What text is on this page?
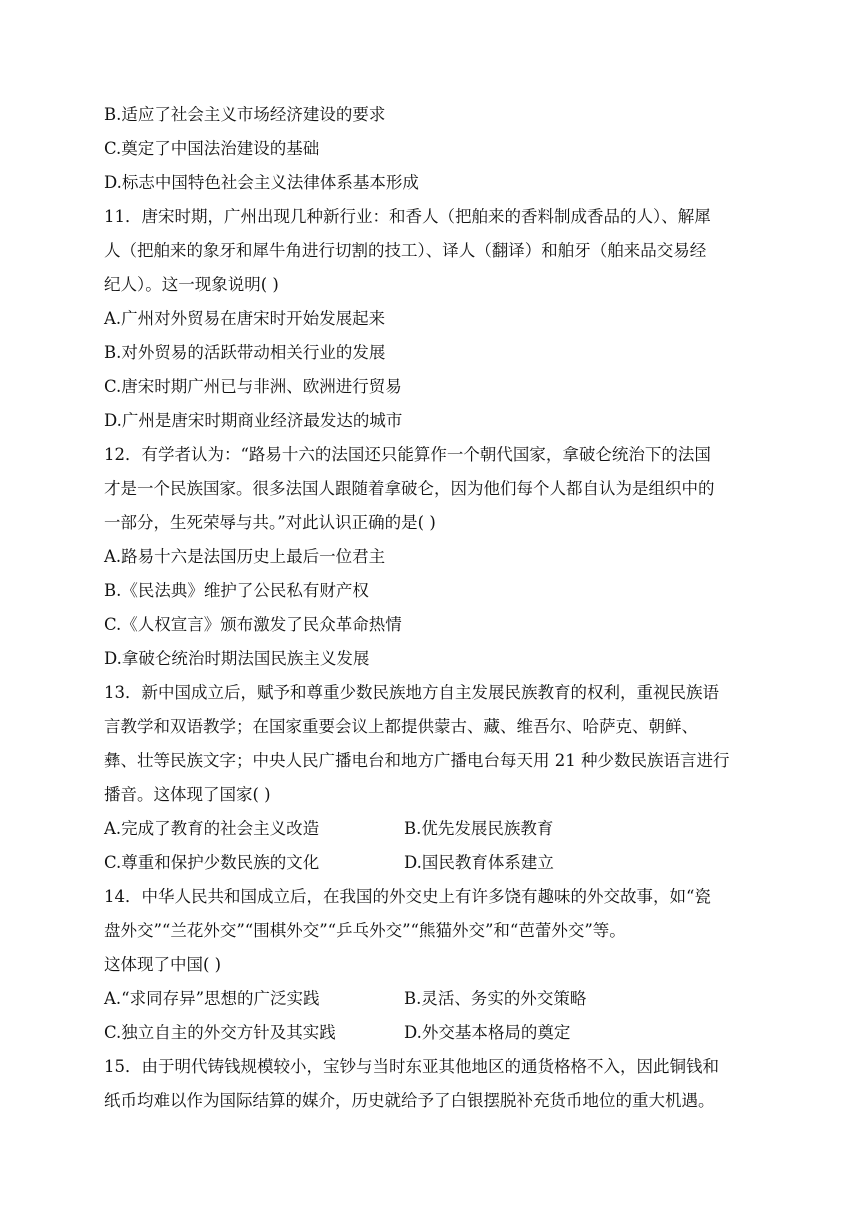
B.适应了社会主义市场经济建设的要求
C.奠定了中国法治建设的基础
D.标志中国特色社会主义法律体系基本形成
11．唐宋时期，广州出现几种新行业：和香人（把舶来的香料制成香品的人）、解犀
人（把舶来的象牙和犀牛角进行切割的技工）、译人（翻译）和舶牙（舶来品交易经
纪人）。这一现象说明( )
A.广州对外贸易在唐宋时开始发展起来
B.对外贸易的活跃带动相关行业的发展
C.唐宋时期广州已与非洲、欧洲进行贸易
D.广州是唐宋时期商业经济最发达的城市
12．有学者认为：“路易十六的法国还只能算作一个朝代国家，拿破仑统治下的法国
才是一个民族国家。很多法国人跟随着拿破仑，因为他们每个人都自认为是组织中的
一部分，生死荣辱与共。”对此认识正确的是( )
A.路易十六是法国历史上最后一位君主
B.《民法典》维护了公民私有财产权
C.《人权宣言》颁布激发了民众革命热情
D.拿破仑统治时期法国民族主义发展
13．新中国成立后，赋予和尊重少数民族地方自主发展民族教育的权利，重视民族语
言教学和双语教学；在国家重要会议上都提供蒙古、藏、维吾尔、哈萨克、朝鲜、
彝、壮等民族文字；中央人民广播电台和地方广播电台每天用 21 种少数民族语言进行
播音。这体现了国家( )
A.完成了教育的社会主义改造	B.优先发展民族教育
C.尊重和保护少数民族的文化	D.国民教育体系建立
14．中华人民共和国成立后，在我国的外交史上有许多饶有趣味的外交故事，如“瓷
盘外交”“兰花外交”“围棋外交”“乒乓外交”“熊猫外交”和“芭蕾外交”等。
这体现了中国( )
A.“求同存异”思想的广泛实践	B.灵活、务实的外交策略
C.独立自主的外交方针及其实践	D.外交基本格局的奠定
15．由于明代铸钱规模较小，宝钞与当时东亚其他地区的通货格格不入，因此铜钱和
纸币均难以作为国际结算的媒介，历史就给予了白银摆脱补充货币地位的重大机遇。
